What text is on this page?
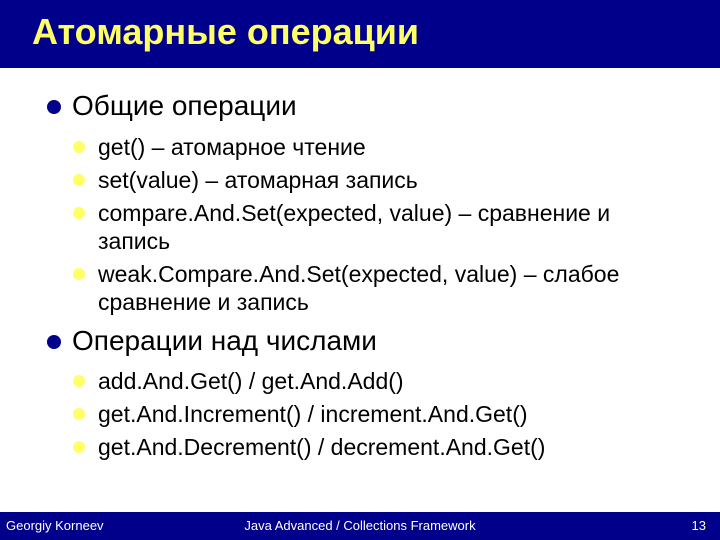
Атомарные операции
Общие операции
get() – атомарное чтение
set(value) – атомарная запись
compare.And.Set(expected, value) – сравнение и
запись
weak.Compare.And.Set(expected, value) – слабое
сравнение и запись
Операции над числами
add.And.Get() / get.And.Add()
get.And.Increment() / increment.And.Get()
get.And.Decrement() / decrement.And.Get()
Georgiy Korneev	Java Advanced / Collections Framework	13
